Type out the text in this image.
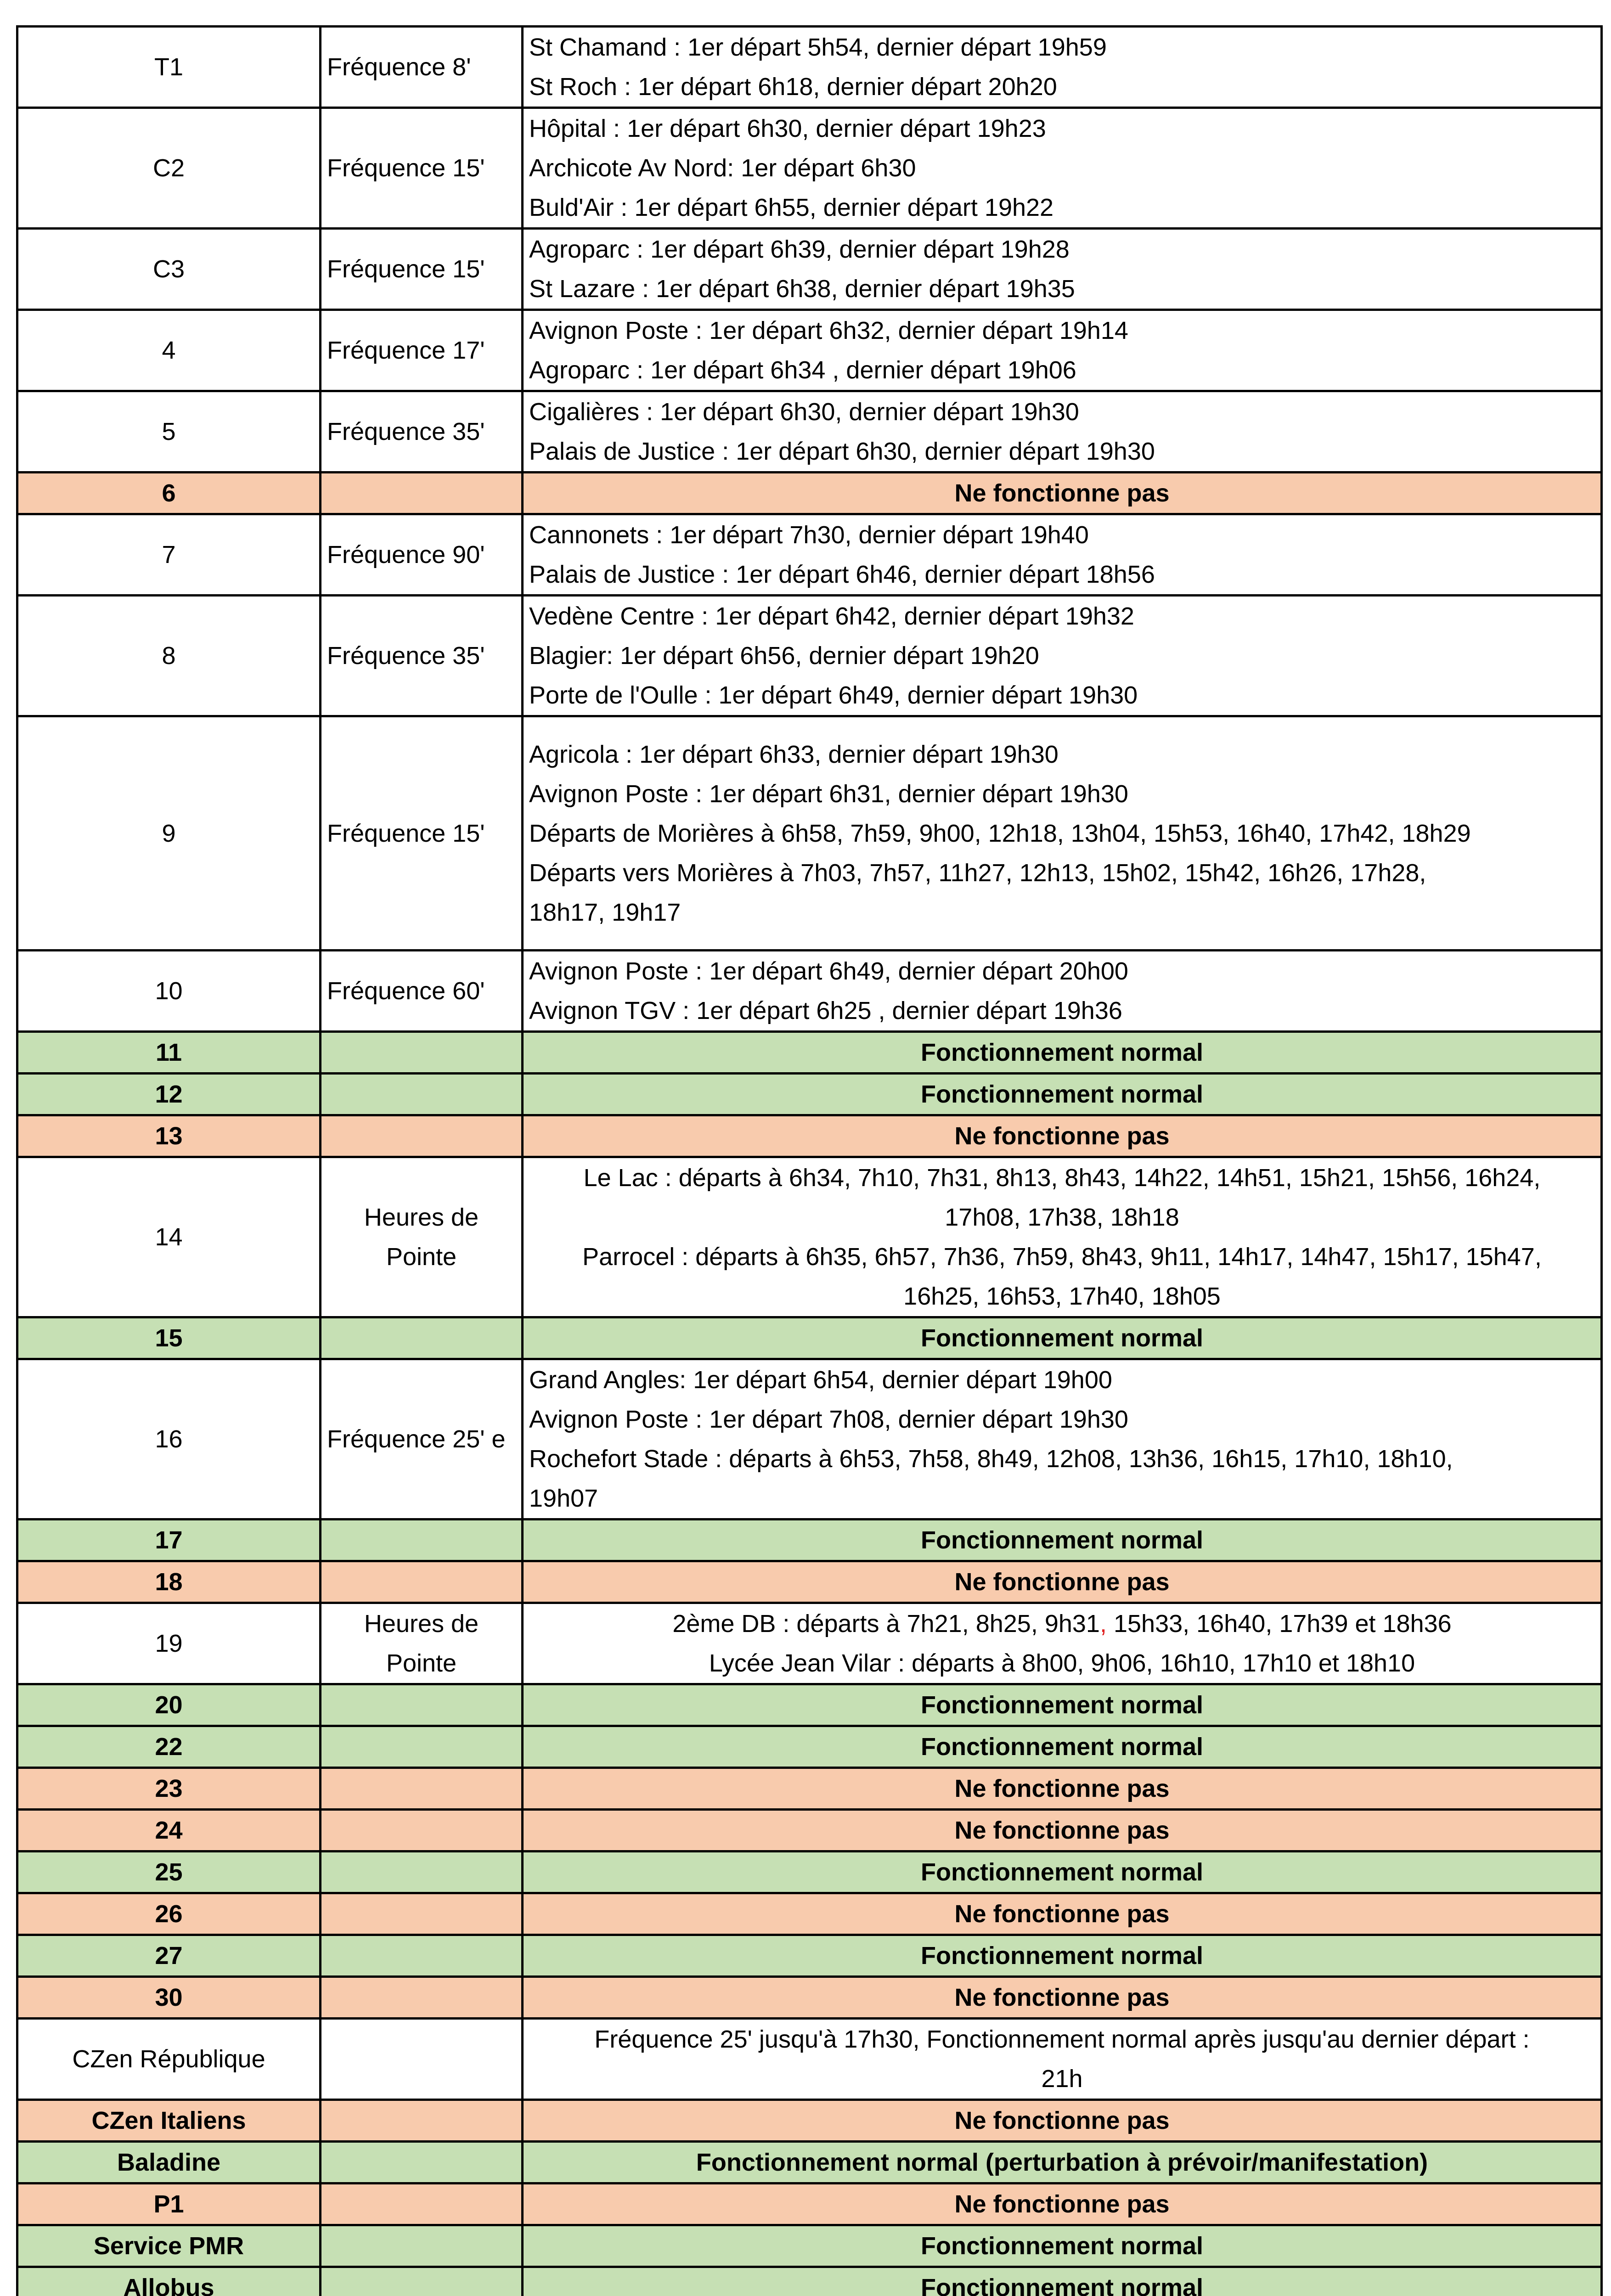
T1	Fréquence 8'	St Chamand : 1er départ 5h54, dernier départ 19h59
St Roch : 1er départ 6h18, dernier départ 20h20

C2	Fréquence 15'	Hôpital : 1er départ 6h30, dernier départ 19h23
Archicote Av Nord: 1er départ 6h30
Buld'Air : 1er départ 6h55, dernier départ 19h22

C3	Fréquence 15'	Agroparc : 1er départ 6h39, dernier départ 19h28
St Lazare : 1er départ 6h38, dernier départ 19h35

4	Fréquence 17'	Avignon Poste : 1er départ 6h32, dernier départ 19h14
Agroparc : 1er départ 6h34 , dernier départ 19h06

5	Fréquence 35'	Cigalières : 1er départ 6h30, dernier départ 19h30
Palais de Justice : 1er départ 6h30, dernier départ 19h30

6		Ne fonctionne pas
7	Fréquence 90'	Cannonets : 1er départ 7h30, dernier départ 19h40
Palais de Justice : 1er départ 6h46, dernier départ 18h56

8	Fréquence 35'	Vedène Centre : 1er départ 6h42, dernier départ 19h32
Blagier: 1er départ 6h56, dernier départ 19h20
Porte de l'Oulle : 1er départ 6h49, dernier départ 19h30

9	Fréquence 15'	Agricola : 1er départ 6h33, dernier départ 19h30
Avignon Poste : 1er départ 6h31, dernier départ 19h30
Départs de Morières à 6h58, 7h59, 9h00, 12h18, 13h04, 15h53, 16h40, 17h42, 18h29
Départs vers Morières à 7h03, 7h57, 11h27, 12h13, 15h02, 15h42, 16h26, 17h28,
18h17, 19h17

10	Fréquence 60'	Avignon Poste : 1er départ 6h49, dernier départ 20h00
Avignon TGV : 1er départ 6h25 , dernier départ 19h36

11		Fonctionnement normal
12		Fonctionnement normal
13		Ne fonctionne pas
14	Heures de Pointe	Le Lac : départs à 6h34, 7h10, 7h31, 8h13, 8h43, 14h22, 14h51, 15h21, 15h56, 16h24,
17h08, 17h38, 18h18
Parrocel : départs à 6h35, 6h57, 7h36, 7h59, 8h43, 9h11, 14h17, 14h47, 15h17, 15h47,
16h25, 16h53, 17h40, 18h05

15		Fonctionnement normal
16	Fréquence 25' e	Grand Angles: 1er départ 6h54, dernier départ 19h00
Avignon Poste : 1er départ 7h08, dernier départ 19h30
Rochefort Stade : départs à 6h53, 7h58, 8h49, 12h08, 13h36, 16h15, 17h10, 18h10,
19h07

17		Fonctionnement normal
18		Ne fonctionne pas
19	Heures de Pointe	2ème DB : départs à 7h21, 8h25, 9h31, 15h33, 16h40, 17h39 et 18h36
Lycée Jean Vilar : départs à 8h00, 9h06, 16h10, 17h10 et 18h10

20		Fonctionnement normal
22		Fonctionnement normal
23		Ne fonctionne pas
24		Ne fonctionne pas
25		Fonctionnement normal
26		Ne fonctionne pas
27		Fonctionnement normal
30		Ne fonctionne pas
CZen République		Fréquence 25' jusqu'à 17h30, Fonctionnement normal après jusqu'au dernier départ :
21h

CZen Italiens		Ne fonctionne pas
Baladine		Fonctionnement normal (perturbation à prévoir/manifestation)
P1		Ne fonctionne pas
Service PMR		Fonctionnement normal
Allobus		Fonctionnement normal
